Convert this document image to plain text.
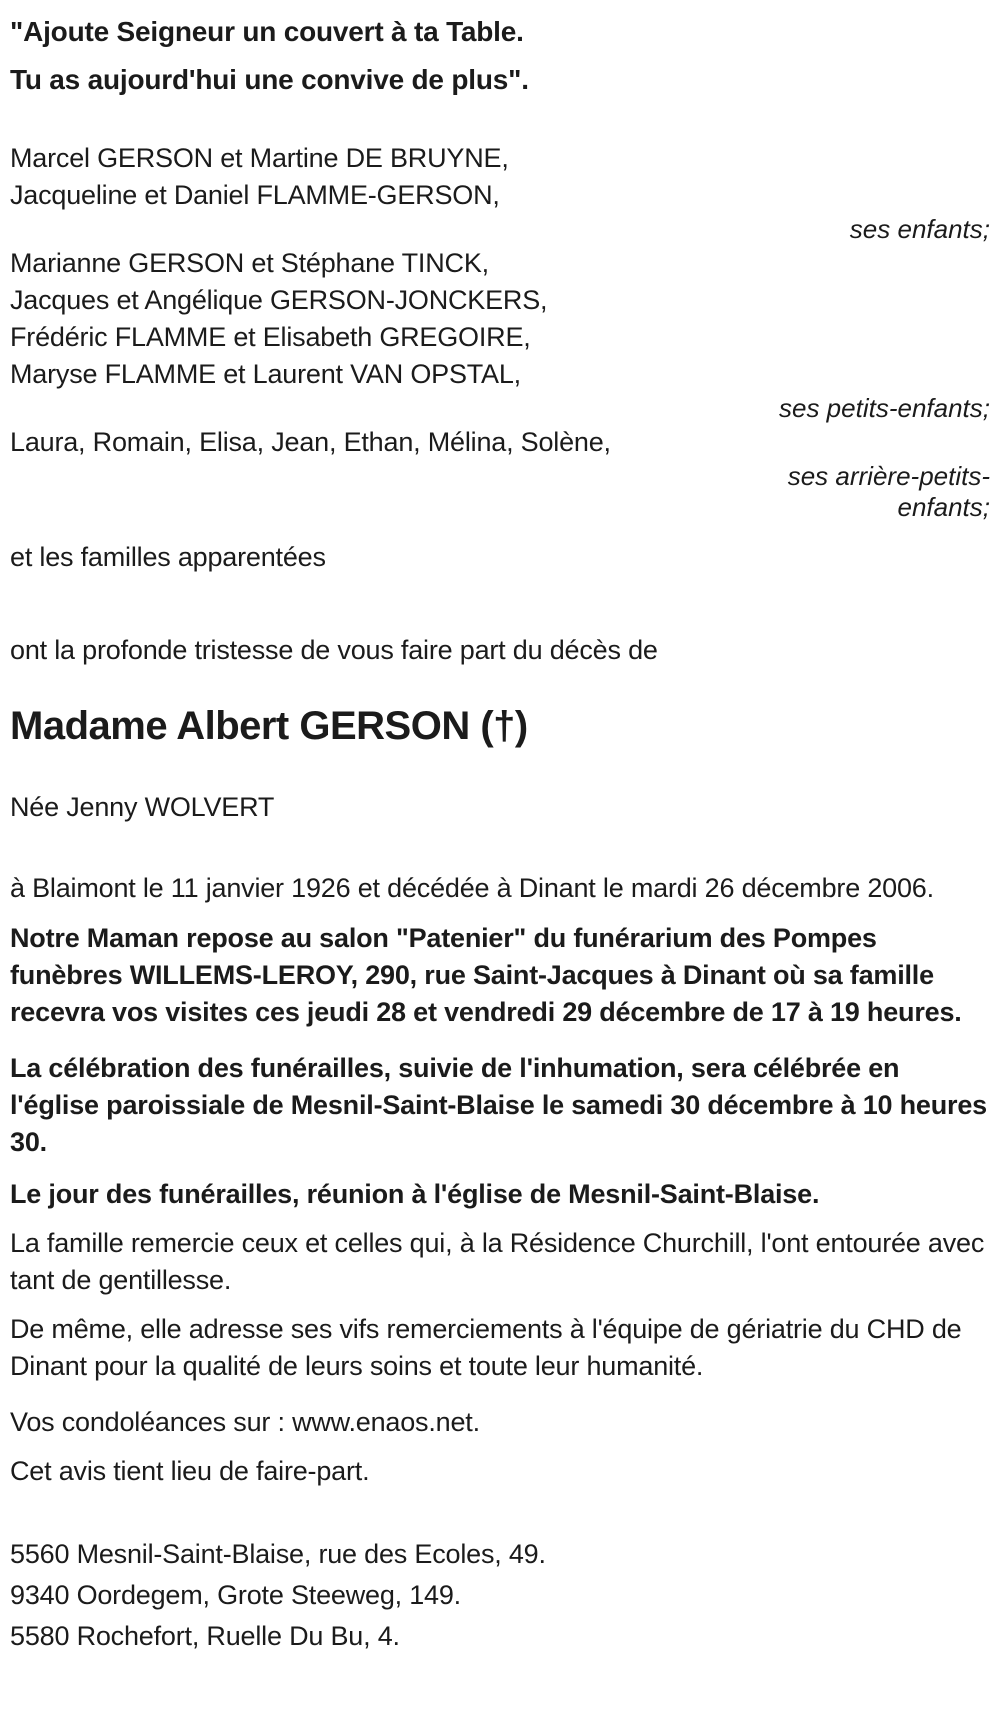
"Ajoute Seigneur un couvert à ta Table.
Tu as aujourd'hui une convive de plus".
Marcel GERSON et Martine DE BRUYNE,
Jacqueline et Daniel FLAMME-GERSON,
ses enfants;
Marianne GERSON et Stéphane TINCK,
Jacques et Angélique GERSON-JONCKERS,
Frédéric FLAMME et Elisabeth GREGOIRE,
Maryse FLAMME et Laurent VAN OPSTAL,
ses petits-enfants;
Laura, Romain, Elisa, Jean, Ethan, Mélina, Solène,
ses arrière-petits-enfants;
et les familles apparentées
ont la profonde tristesse de vous faire part du décès de
Madame Albert GERSON (†)
Née Jenny WOLVERT

à Blaimont le 11 janvier 1926 et décédée à Dinant le mardi 26 décembre 2006.

Notre Maman repose au salon "Patenier" du funérarium des Pompes funèbres WILLEMS-LEROY, 290, rue Saint-Jacques à Dinant où sa famille recevra vos visites ces jeudi 28 et vendredi 29 décembre de 17 à 19 heures.

La célébration des funérailles, suivie de l'inhumation, sera célébrée en l'église paroissiale de Mesnil-Saint-Blaise le samedi 30 décembre à 10 heures 30.

Le jour des funérailles, réunion à l'église de Mesnil-Saint-Blaise.

La famille remercie ceux et celles qui, à la Résidence Churchill, l'ont entourée avec tant de gentillesse.

De même, elle adresse ses vifs remerciements à l'équipe de gériatrie du CHD de Dinant pour la qualité de leurs soins et toute leur humanité.

Vos condoléances sur : www.enaos.net.

Cet avis tient lieu de faire-part.

5560 Mesnil-Saint-Blaise, rue des Ecoles, 49.
9340 Oordegem, Grote Steeweg, 149.
5580 Rochefort, Ruelle Du Bu, 4.
